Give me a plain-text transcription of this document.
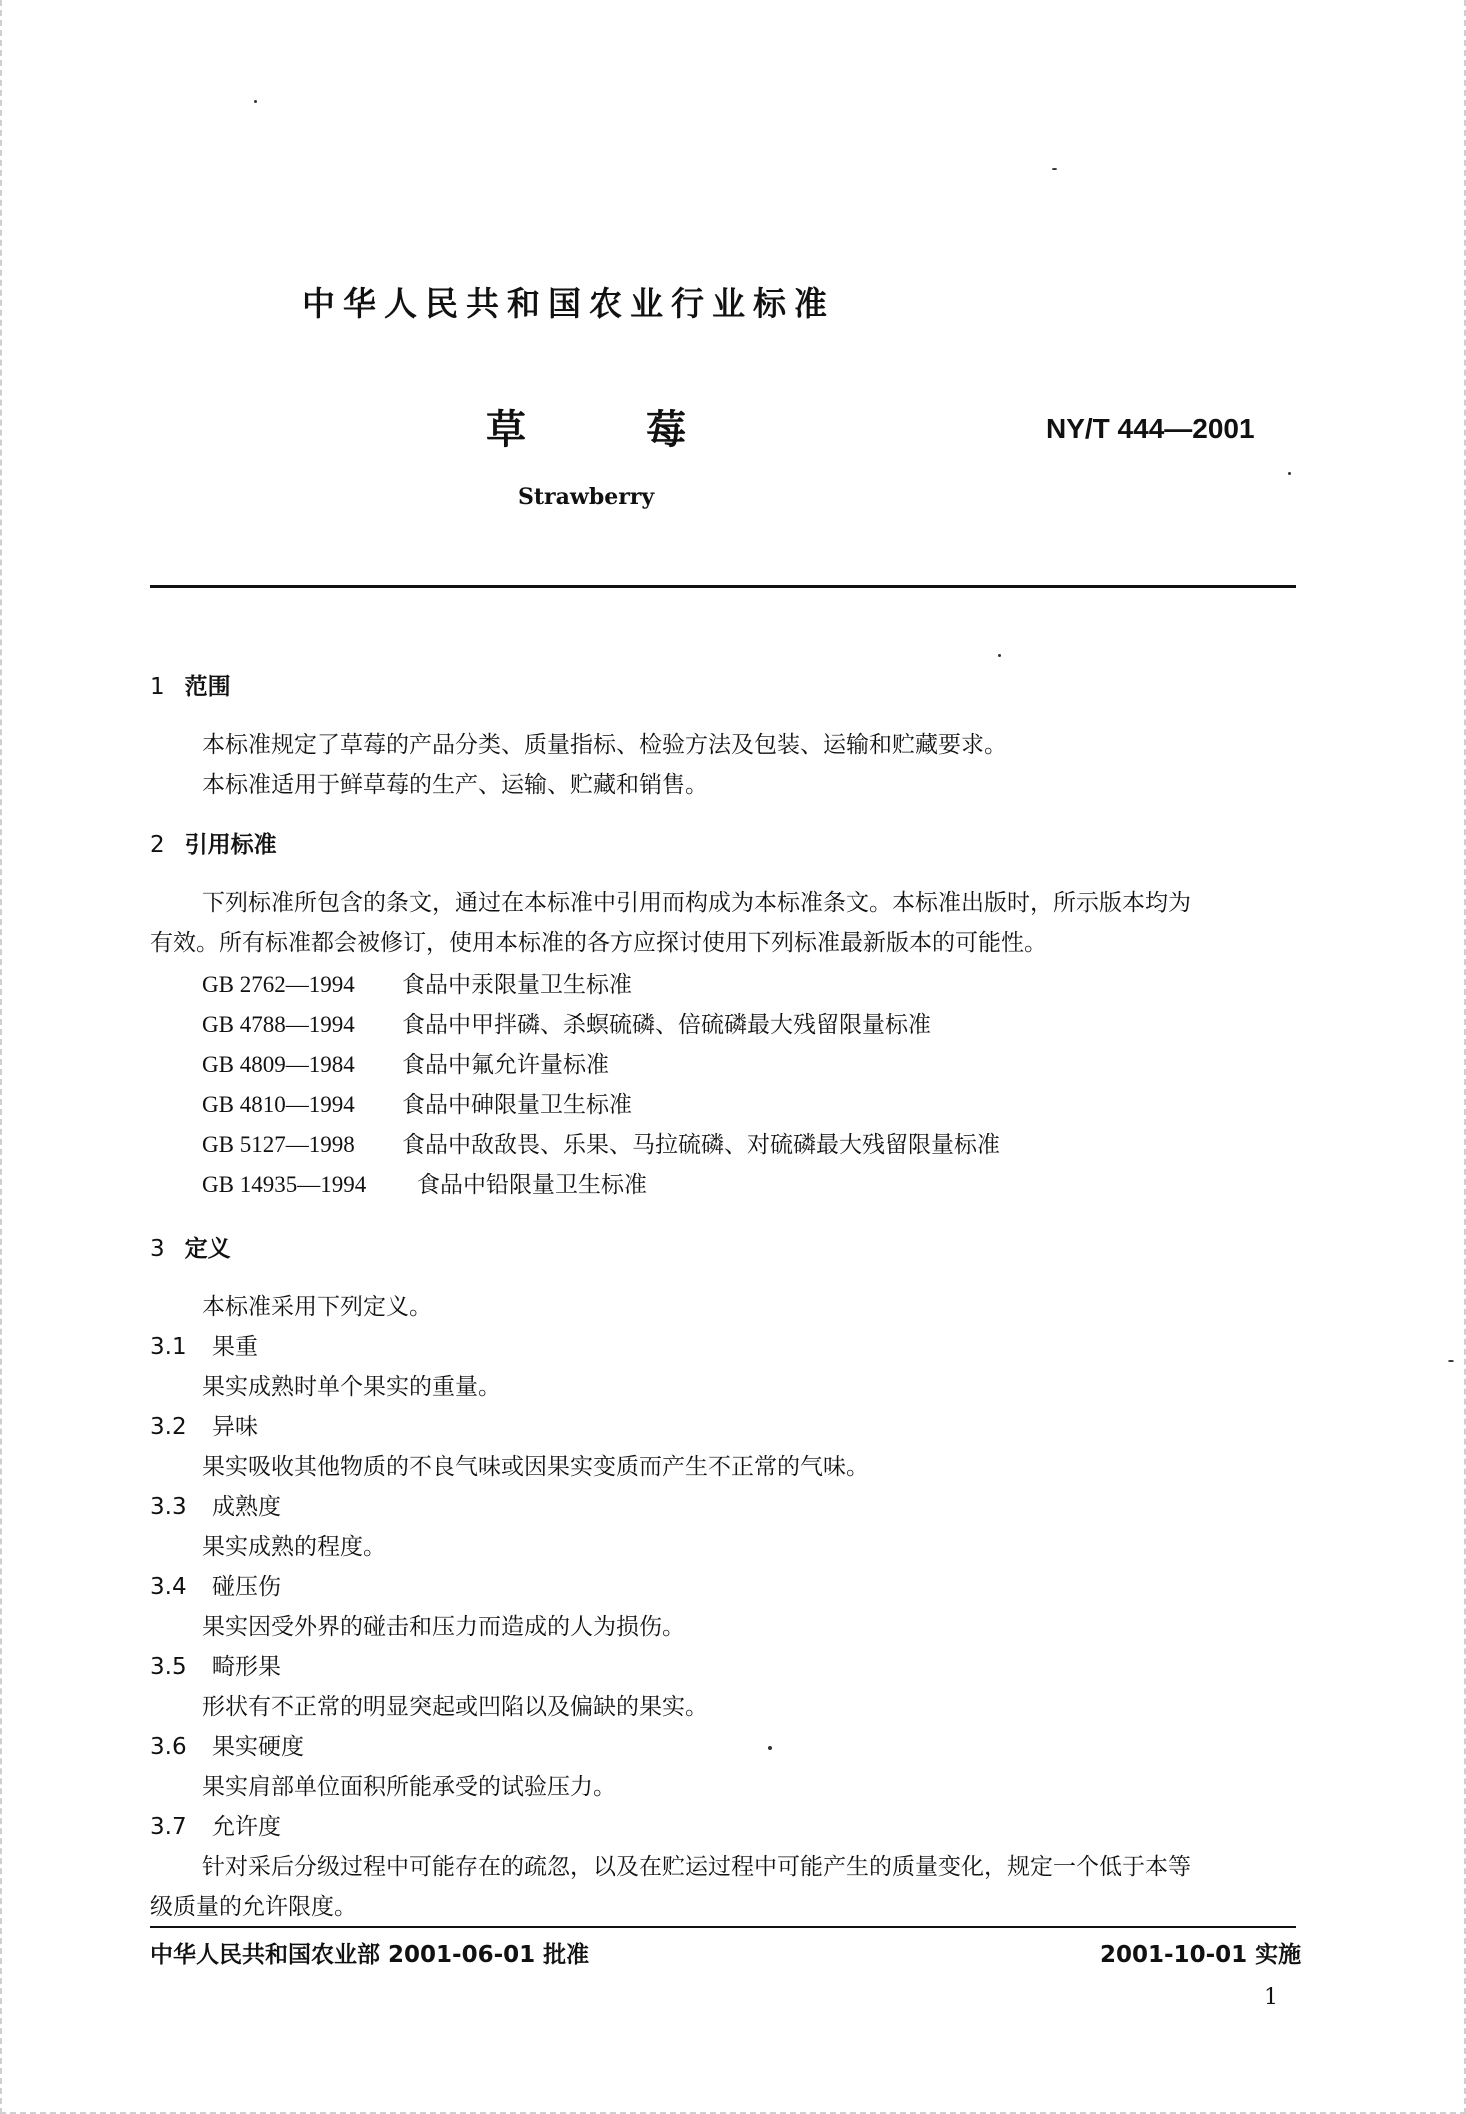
中华人民共和国农业行业标准
草	莓	NY/T 444—2001
Strawberry
1 范围
本标准规定了草莓的产品分类、质量指标、检验方法及包装、运输和贮藏要求。
本标准适用于鲜草莓的生产、运输、贮藏和销售。
2 引用标准
下列标准所包含的条文，通过在本标准中引用而构成为本标准条文。本标准出版时，所示版本均为
有效。所有标准都会被修订，使用本标准的各方应探讨使用下列标准最新版本的可能性。
GB 2762—1994 食品中汞限量卫生标准
GB 4788—1994 食品中甲拌磷、杀螟硫磷、倍硫磷最大残留限量标准
GB 4809—1984 食品中氟允许量标准
GB 4810—1994 食品中砷限量卫生标准
GB 5127—1998 食品中敌敌畏、乐果、马拉硫磷、对硫磷最大残留限量标准
GB 14935—1994 食品中铅限量卫生标准
3 定义
本标准采用下列定义。
3.1 果重
果实成熟时单个果实的重量。
3.2 异味
果实吸收其他物质的不良气味或因果实变质而产生不正常的气味。
3.3 成熟度
果实成熟的程度。
3.4 碰压伤
果实因受外界的碰击和压力而造成的人为损伤。
3.5 畸形果
形状有不正常的明显突起或凹陷以及偏缺的果实。
3.6 果实硬度
果实肩部单位面积所能承受的试验压力。
3.7 允许度
针对采后分级过程中可能存在的疏忽，以及在贮运过程中可能产生的质量变化，规定一个低于本等
级质量的允许限度。
中华人民共和国农业部 2001-06-01 批准	2001-10-01 实施
1
